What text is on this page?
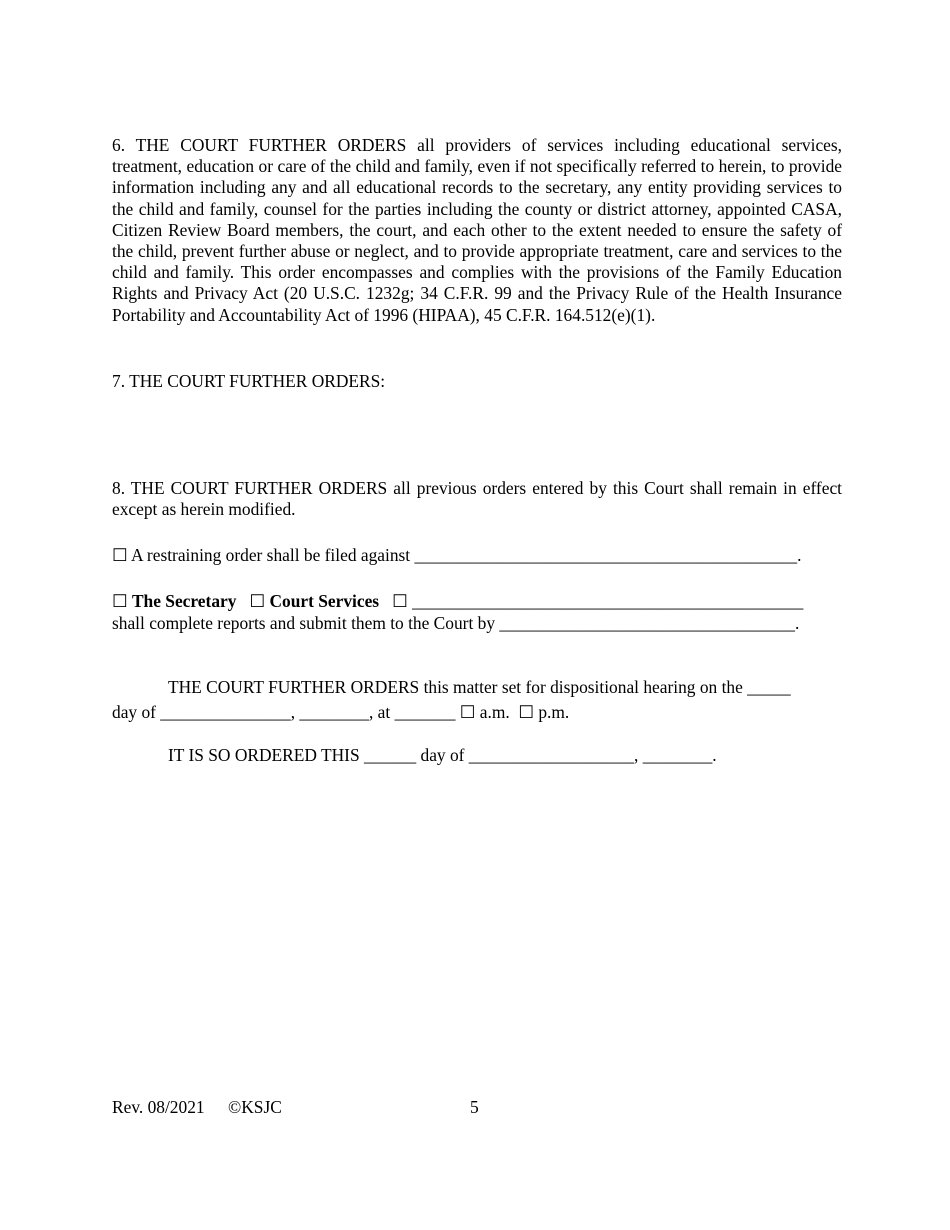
6. THE COURT FURTHER ORDERS all providers of services including educational services, treatment, education or care of the child and family, even if not specifically referred to herein, to provide information including any and all educational records to the secretary, any entity providing services to the child and family, counsel for the parties including the county or district attorney, appointed CASA, Citizen Review Board members, the court, and each other to the extent needed to ensure the safety of the child, prevent further abuse or neglect, and to provide appropriate treatment, care and services to the child and family. This order encompasses and complies with the provisions of the Family Education Rights and Privacy Act (20 U.S.C. 1232g; 34 C.F.R. 99 and the Privacy Rule of the Health Insurance Portability and Accountability Act of 1996 (HIPAA), 45 C.F.R. 164.512(e)(1).
7. THE COURT FURTHER ORDERS:
8. THE COURT FURTHER ORDERS all previous orders entered by this Court shall remain in effect except as herein modified.
☐ A restraining order shall be filed against ____________________________________________.
☐ The Secretary ☐ Court Services ☐ _____________________________________________
shall complete reports and submit them to the Court by __________________________________.
THE COURT FURTHER ORDERS this matter set for dispositional hearing on the _____
day of _______________, ________, at _______ ☐ a.m. ☐ p.m.
IT IS SO ORDERED THIS ______ day of ___________________, ________.
Rev. 08/2021 ©KSJC	5
